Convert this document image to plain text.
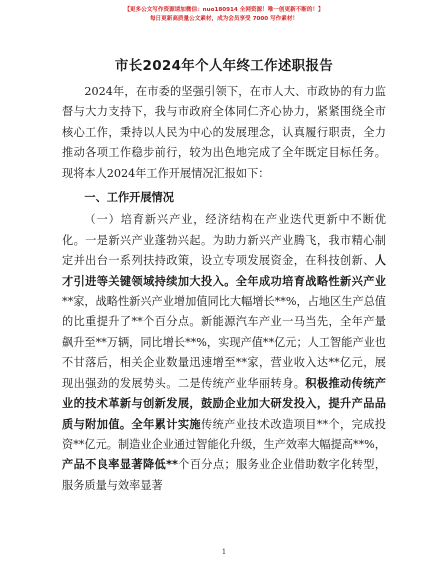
【更多公文写作资源请加微信：nuo180914 全网资源！唯一创更新不断的！】
每日更新高质量公文素材，成为会员享受 7000 写作素材！
市长2024年个人年终工作述职报告

2024年，在市委的坚强引领下，在市人大、市政协的有力监督与大力支持下，我与市政府全体同仁齐心协力，紧紧围绕全市核心工作，秉持以人民为中心的发展理念，认真履行职责，全力推动各项工作稳步前行，较为出色地完成了全年既定目标任务。现将本人2024年工作开展情况汇报如下：

一、工作开展情况

（一）培育新兴产业，经济结构在产业迭代更新中不断优化。一是新兴产业蓬勃兴起。为助力新兴产业腾飞，我市精心制定并出台一系列扶持政策，设立专项发展资金，在科技创新、人才引进等关键领域持续加大投入。全年成功培育战略性新兴产业**家，战略性新兴产业增加值同比大幅增长**%，占地区生产总值的比重提升了**个百分点。新能源汽车产业一马当先，全年产量飙升至**万辆，同比增长**%，实现产值**亿元；人工智能产业也不甘落后，相关企业数量迅速增至**家，营业收入达**亿元，展现出强劲的发展势头。二是传统产业华丽转身。积极推动传统产业的技术革新与创新发展，鼓励企业加大研发投入，提升产品品质与附加值。全年累计实施传统产业技术改造项目**个，完成投资**亿元。制造业企业通过智能化升级，生产效率大幅提高**%，产品不良率显著降低**个百分点；服务业企业借助数字化转型，服务质量与效率显著

1
